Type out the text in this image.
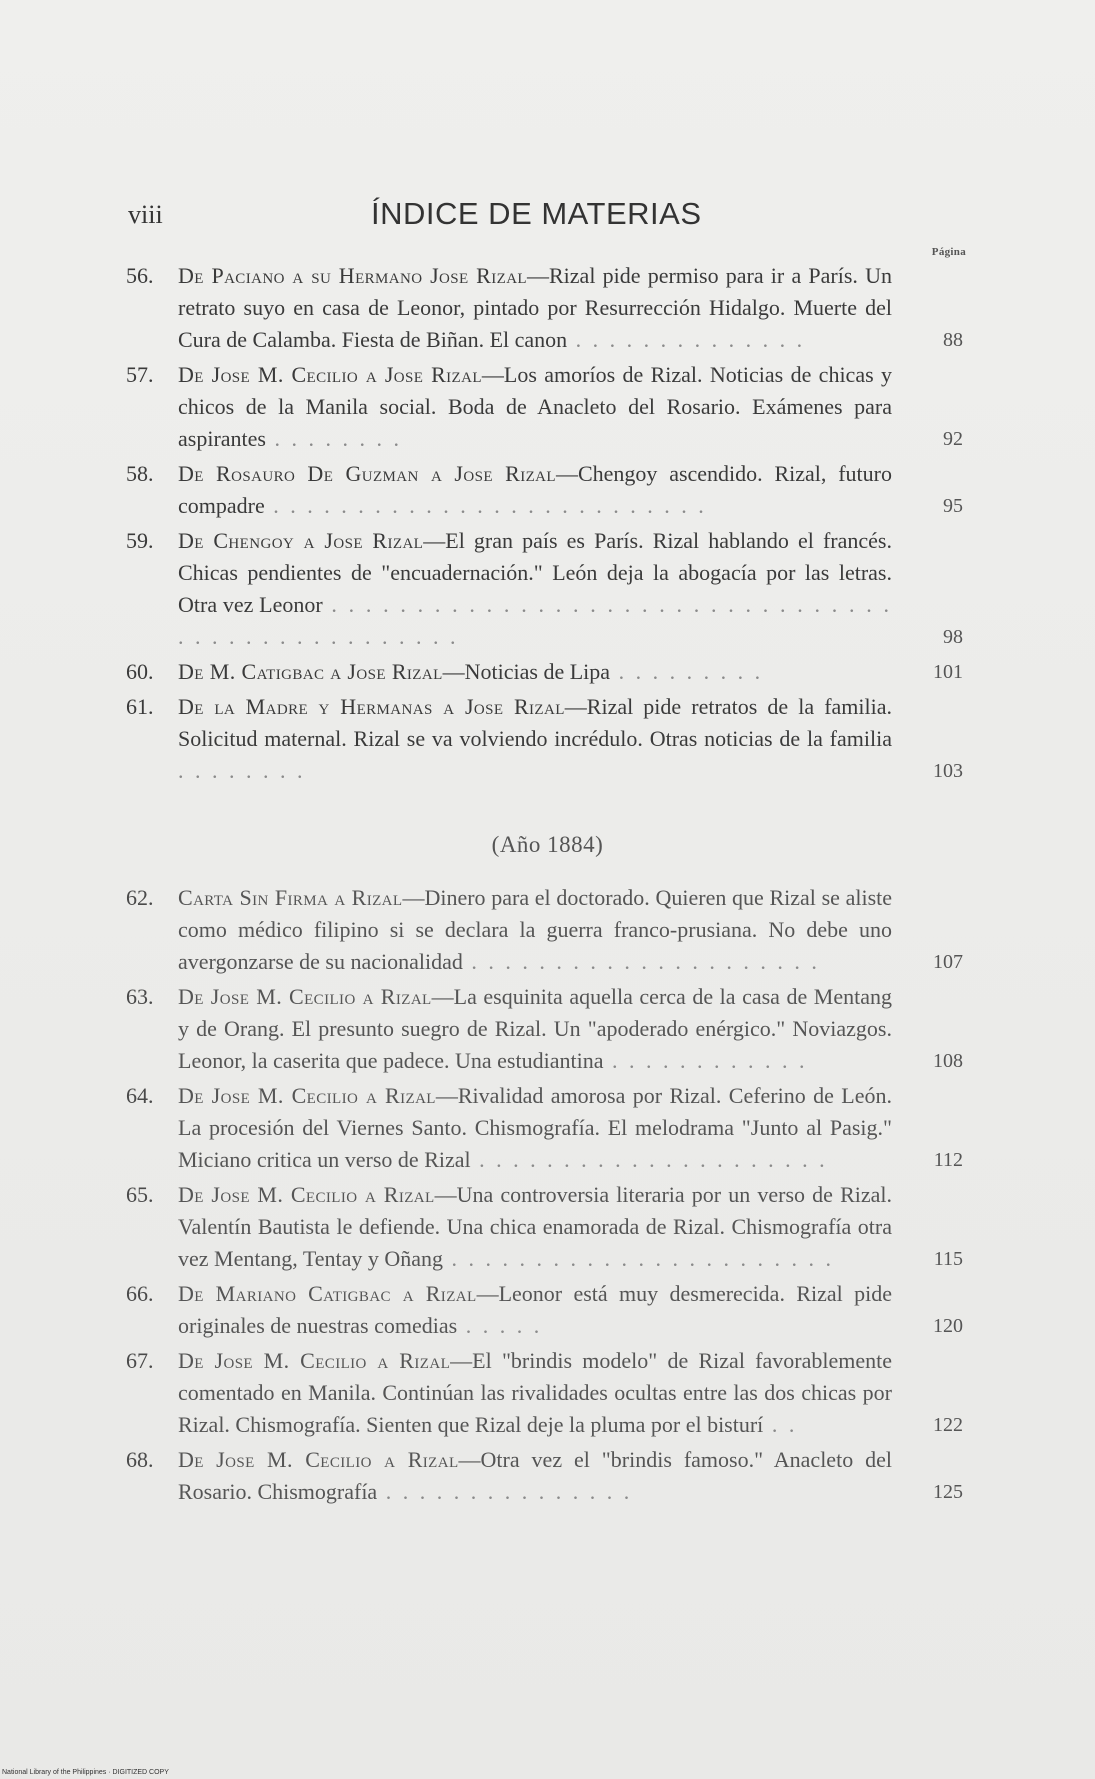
viii	ÍNDICE DE MATERIAS
Página
56.	De Paciano a su Hermano Jose Rizal—Rizal pide permiso para ir a París. Un retrato suyo en casa de Leonor, pintado por Resurrección Hidalgo. Muerte del Cura de Calamba. Fiesta de Biñan. El canon . . . . . . . . . . . . . .	88
57.	De Jose M. Cecilio a Jose Rizal—Los amoríos de Rizal. Noticias de chicas y chicos de la Manila social. Boda de Anacleto del Rosario. Exámenes para aspirantes . . . . . . . .	92
58.	De Rosauro De Guzman a Jose Rizal—Chengoy ascendido. Rizal, futuro compadre . . . . . . . . . . . . . . . . . . . . . . . . . .	95
59.	De Chengoy a Jose Rizal—El gran país es París. Rizal hablando el francés. Chicas pendientes de "encuadernación." León deja la abogacía por las letras. Otra vez Leonor . . . . . . . . . . . . . . . . . . . . . . . . . . . . . . . . . . . . . . . . . . . . . . . . . .	98
60.	De M. Catigbac a Jose Rizal—Noticias de Lipa . . . . . . . . .	101
61.	De la Madre y Hermanas a Jose Rizal—Rizal pide retratos de la familia. Solicitud maternal. Rizal se va volviendo incrédulo. Otras noticias de la familia . . . . . . . .	103
(Año 1884)
62.	Carta Sin Firma a Rizal—Dinero para el doctorado. Quieren que Rizal se aliste como médico filipino si se declara la guerra franco-prusiana. No debe uno avergonzarse de su nacionalidad . . . . . . . . . . . . . . . . . . . . .	107
63.	De Jose M. Cecilio a Rizal—La esquinita aquella cerca de la casa de Mentang y de Orang. El presunto suegro de Rizal. Un "apoderado enérgico." Noviazgos. Leonor, la caserita que padece. Una estudiantina . . . . . . . . . . . .	108
64.	De Jose M. Cecilio a Rizal—Rivalidad amorosa por Rizal. Ceferino de León. La procesión del Viernes Santo. Chismografía. El melodrama "Junto al Pasig." Miciano critica un verso de Rizal . . . . . . . . . . . . . . . . . . . . .	112
65.	De Jose M. Cecilio a Rizal—Una controversia literaria por un verso de Rizal. Valentín Bautista le defiende. Una chica enamorada de Rizal. Chismografía otra vez Mentang, Tentay y Oñang . . . . . . . . . . . . . . . . . . . . . . .	115
66.	De Mariano Catigbac a Rizal—Leonor está muy desmerecida. Rizal pide originales de nuestras comedias . . . . .	120
67.	De Jose M. Cecilio a Rizal—El "brindis modelo" de Rizal favorablemente comentado en Manila. Continúan las rivalidades ocultas entre las dos chicas por Rizal. Chismografía. Sienten que Rizal deje la pluma por el bisturí . .	122
68.	De Jose M. Cecilio a Rizal—Otra vez el "brindis famoso." Anacleto del Rosario. Chismografía . . . . . . . . . . . . . . .	125
National Library of the Philippines · DIGITIZED COPY
